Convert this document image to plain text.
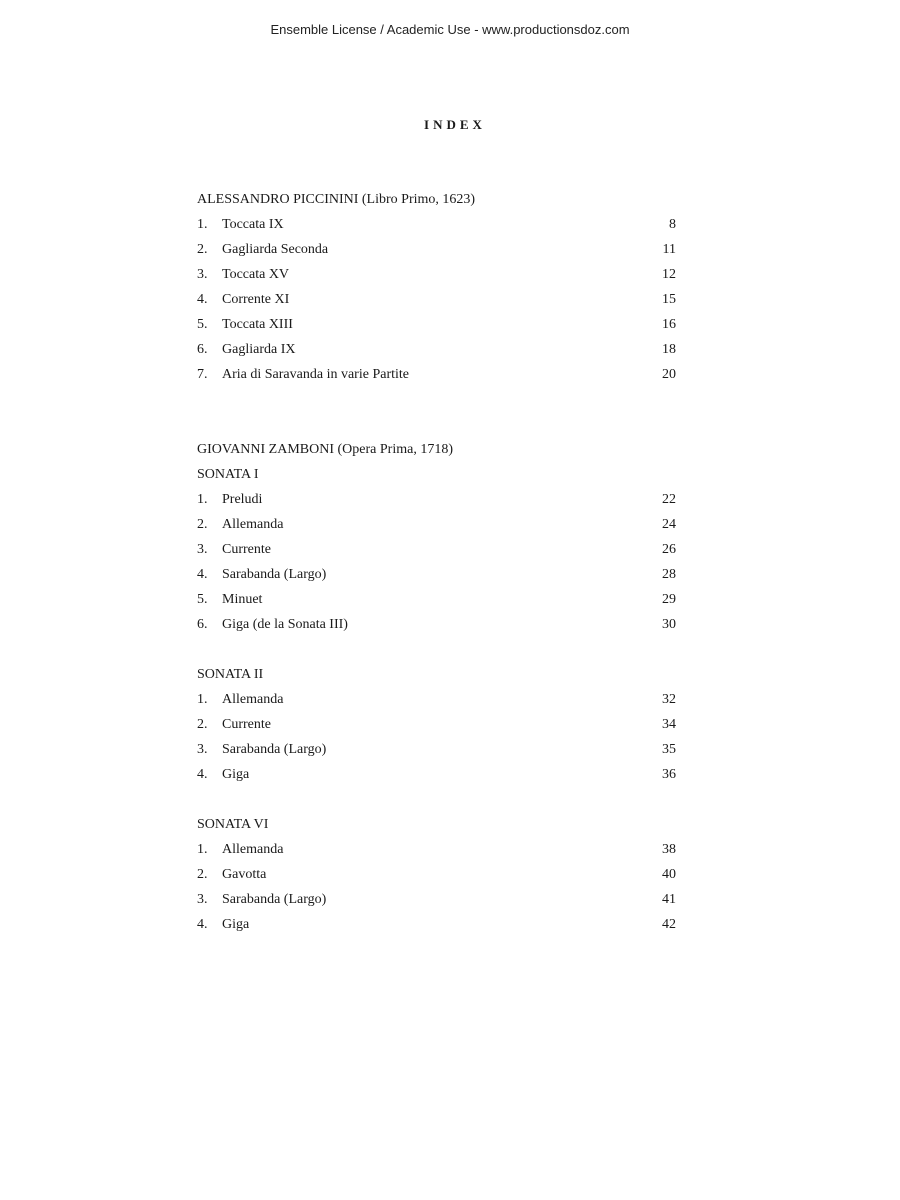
Ensemble License / Academic Use - www.productionsdoz.com
INDEX
ALESSANDRO PICCININI (Libro Primo, 1623)
1.	Toccata IX	8
2.	Gagliarda Seconda	11
3.	Toccata XV	12
4.	Corrente XI	15
5.	Toccata XIII	16
6.	Gagliarda IX	18
7.	Aria di Saravanda in varie Partite	20
GIOVANNI ZAMBONI (Opera Prima, 1718)
SONATA I
1.	Preludi	22
2.	Allemanda	24
3.	Currente	26
4.	Sarabanda (Largo)	28
5.	Minuet	29
6.	Giga (de la Sonata III)	30
SONATA II
1.	Allemanda	32
2.	Currente	34
3.	Sarabanda (Largo)	35
4.	Giga	36
SONATA VI
1.	Allemanda	38
2.	Gavotta	40
3.	Sarabanda (Largo)	41
4.	Giga	42
